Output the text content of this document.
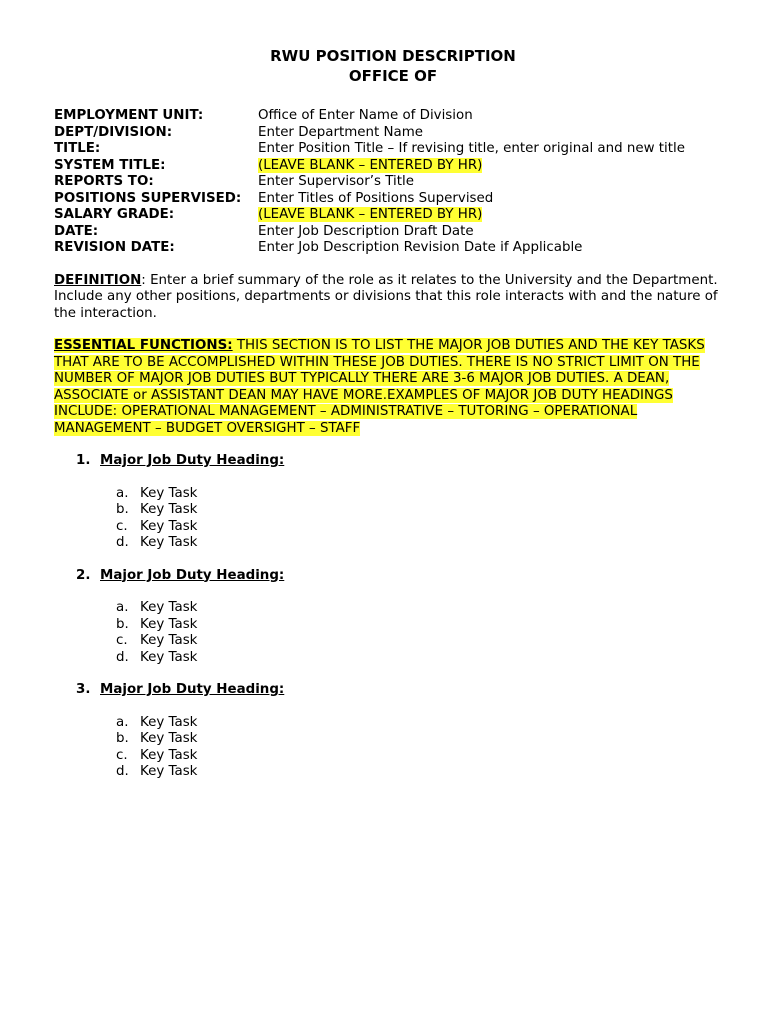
RWU POSITION DESCRIPTION
OFFICE OF
EMPLOYMENT UNIT:	Office of Enter Name of Division
DEPT/DIVISION:	Enter Department Name
TITLE:	Enter Position Title – If revising title, enter original and new title
SYSTEM TITLE:	(LEAVE BLANK – ENTERED BY HR)
REPORTS TO:	Enter Supervisor’s Title
POSITIONS SUPERVISED:	Enter Titles of Positions Supervised
SALARY GRADE:	(LEAVE BLANK – ENTERED BY HR)
DATE:	Enter Job Description Draft Date
REVISION DATE:	Enter Job Description Revision Date if Applicable
DEFINITION: Enter a brief summary of the role as it relates to the University and the Department. Include any other positions, departments or divisions that this role interacts with and the nature of the interaction.
ESSENTIAL FUNCTIONS: THIS SECTION IS TO LIST THE MAJOR JOB DUTIES AND THE KEY TASKS THAT ARE TO BE ACCOMPLISHED WITHIN THESE JOB DUTIES. THERE IS NO STRICT LIMIT ON THE NUMBER OF MAJOR JOB DUTIES BUT TYPICALLY THERE ARE 3-6 MAJOR JOB DUTIES. A DEAN, ASSOCIATE or ASSISTANT DEAN MAY HAVE MORE.EXAMPLES OF MAJOR JOB DUTY HEADINGS INCLUDE: OPERATIONAL MANAGEMENT – ADMINISTRATIVE – TUTORING – OPERATIONAL MANAGEMENT – BUDGET OVERSIGHT – STAFF
1. Major Job Duty Heading:
a. Key Task
b. Key Task
c. Key Task
d. Key Task
2. Major Job Duty Heading:
a. Key Task
b. Key Task
c. Key Task
d. Key Task
3. Major Job Duty Heading:
a. Key Task
b. Key Task
c. Key Task
d. Key Task
